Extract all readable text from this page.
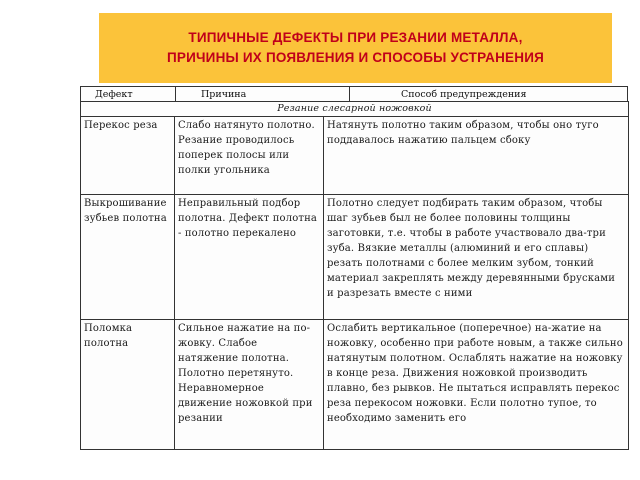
ТИПИЧНЫЕ ДЕФЕКТЫ ПРИ РЕЗАНИИ МЕТАЛЛА,
ПРИЧИНЫ ИХ ПОЯВЛЕНИЯ И СПОСОБЫ УСТРАНЕНИЯ
Дефект	Причина	Способ предупреждения
Резание слесарной ножовкой		
Перекос реза	Слабо натянуто полотно. Резание проводилось поперек полосы или полки угольника	Натянуть полотно таким образом, чтобы оно туго поддавалось нажатию пальцем сбоку
Выкрошивание зубьев полотна	Неправильный подбор полотна. Дефект полотна - полотно перекалено	Полотно следует подбирать таким образом, чтобы шаг зубьев был не более половины толщины заготовки, т.е. чтобы в работе участвовало два-три зуба. Вязкие металлы (алюминий и его сплавы) резать полотнами с более мелким зубом, тонкий материал закреплять между деревянными брусками и разрезать вместе с ними
Поломка полотна	Сильное нажатие на по-жовку. Слабое натяжение полотна. Полотно перетянуто. Неравномерное движение ножовкой при резании	Ослабить вертикальное (поперечное) на-жатие на ножовку, особенно при работе новым, а также сильно натянутым полотном. Ослаблять нажатие на ножовку в конце реза. Движения ножовкой производить плавно, без рывков. Не пытаться исправлять перекос реза перекосом ножовки. Если полотно тупое, то необходимо заменить его
